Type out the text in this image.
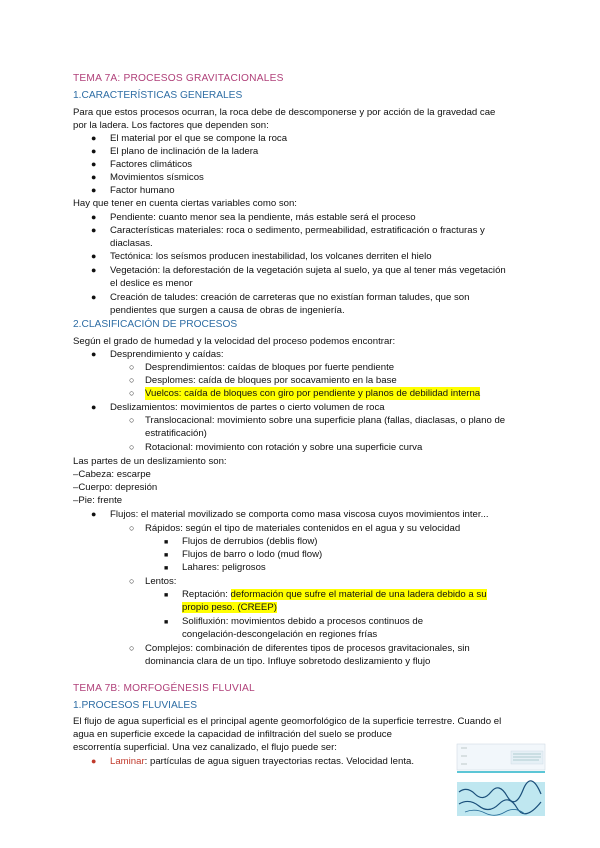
TEMA 7A: PROCESOS GRAVITACIONALES
1.CARACTERÍSTICAS GENERALES
Para que estos procesos ocurran, la roca debe de descomponerse y por acción de la gravedad cae
por la ladera. Los factores que dependen son:
● El material por el que se compone la roca
● El plano de inclinación de la ladera
● Factores climáticos
● Movimientos sísmicos
● Factor humano
Hay que tener en cuenta ciertas variables como son:
● Pendiente: cuanto menor sea la pendiente, más estable será el proceso
● Características materiales: roca o sedimento, permeabilidad, estratificación o fracturas y
diaclasas.
● Tectónica: los seísmos producen inestabilidad, los volcanes derriten el hielo
● Vegetación: la deforestación de la vegetación sujeta al suelo, ya que al tener más vegetación
el deslice es menor
● Creación de taludes: creación de carreteras que no existían forman taludes, que son
pendientes que surgen a causa de obras de ingeniería.
2.CLASIFICACIÓN DE PROCESOS
Según el grado de humedad y la velocidad del proceso podemos encontrar:
● Desprendimiento y caídas:
○ Desprendimientos: caídas de bloques por fuerte pendiente
○ Desplomes: caída de bloques por socavamiento en la base
○ Vuelcos: caída de bloques con giro por pendiente y planos de debilidad interna
● Deslizamientos: movimientos de partes o cierto volumen de roca
○ Translocacional: movimiento sobre una superficie plana (fallas, diaclasas, o plano de
estratificación)
○ Rotacional: movimiento con rotación y sobre una superficie curva
Las partes de un deslizamiento son:
–Cabeza: escarpe
–Cuerpo: depresión
–Pie: frente
● Flujos: el material movilizado se comporta como masa viscosa cuyos movimientos inter...
○ Rápidos: según el tipo de materiales contenidos en el agua y su velocidad
■ Flujos de derrubios (deblis flow)
■ Flujos de barro o lodo (mud flow)
■ Lahares: peligrosos
○ Lentos:
■ Reptación: deformación que sufre el material de una ladera debido a su
propio peso. (CREEP)
■ Solifluxión: movimientos debido a procesos continuos de
congelación-descongelación en regiones frías
○ Complejos: combinación de diferentes tipos de procesos gravitacionales, sin
dominancia clara de un tipo. Influye sobretodo deslizamiento y flujo
TEMA 7B: MORFOGÉNESIS FLUVIAL
1.PROCESOS FLUVIALES
El flujo de agua superficial es el principal agente geomorfológico de la superficie terrestre. Cuando el
agua en superficie excede la capacidad de infiltración del suelo se produce
escorrentía superficial. Una vez canalizado, el flujo puede ser:
● Laminar: partículas de agua siguen trayectorias rectas. Velocidad lenta.
